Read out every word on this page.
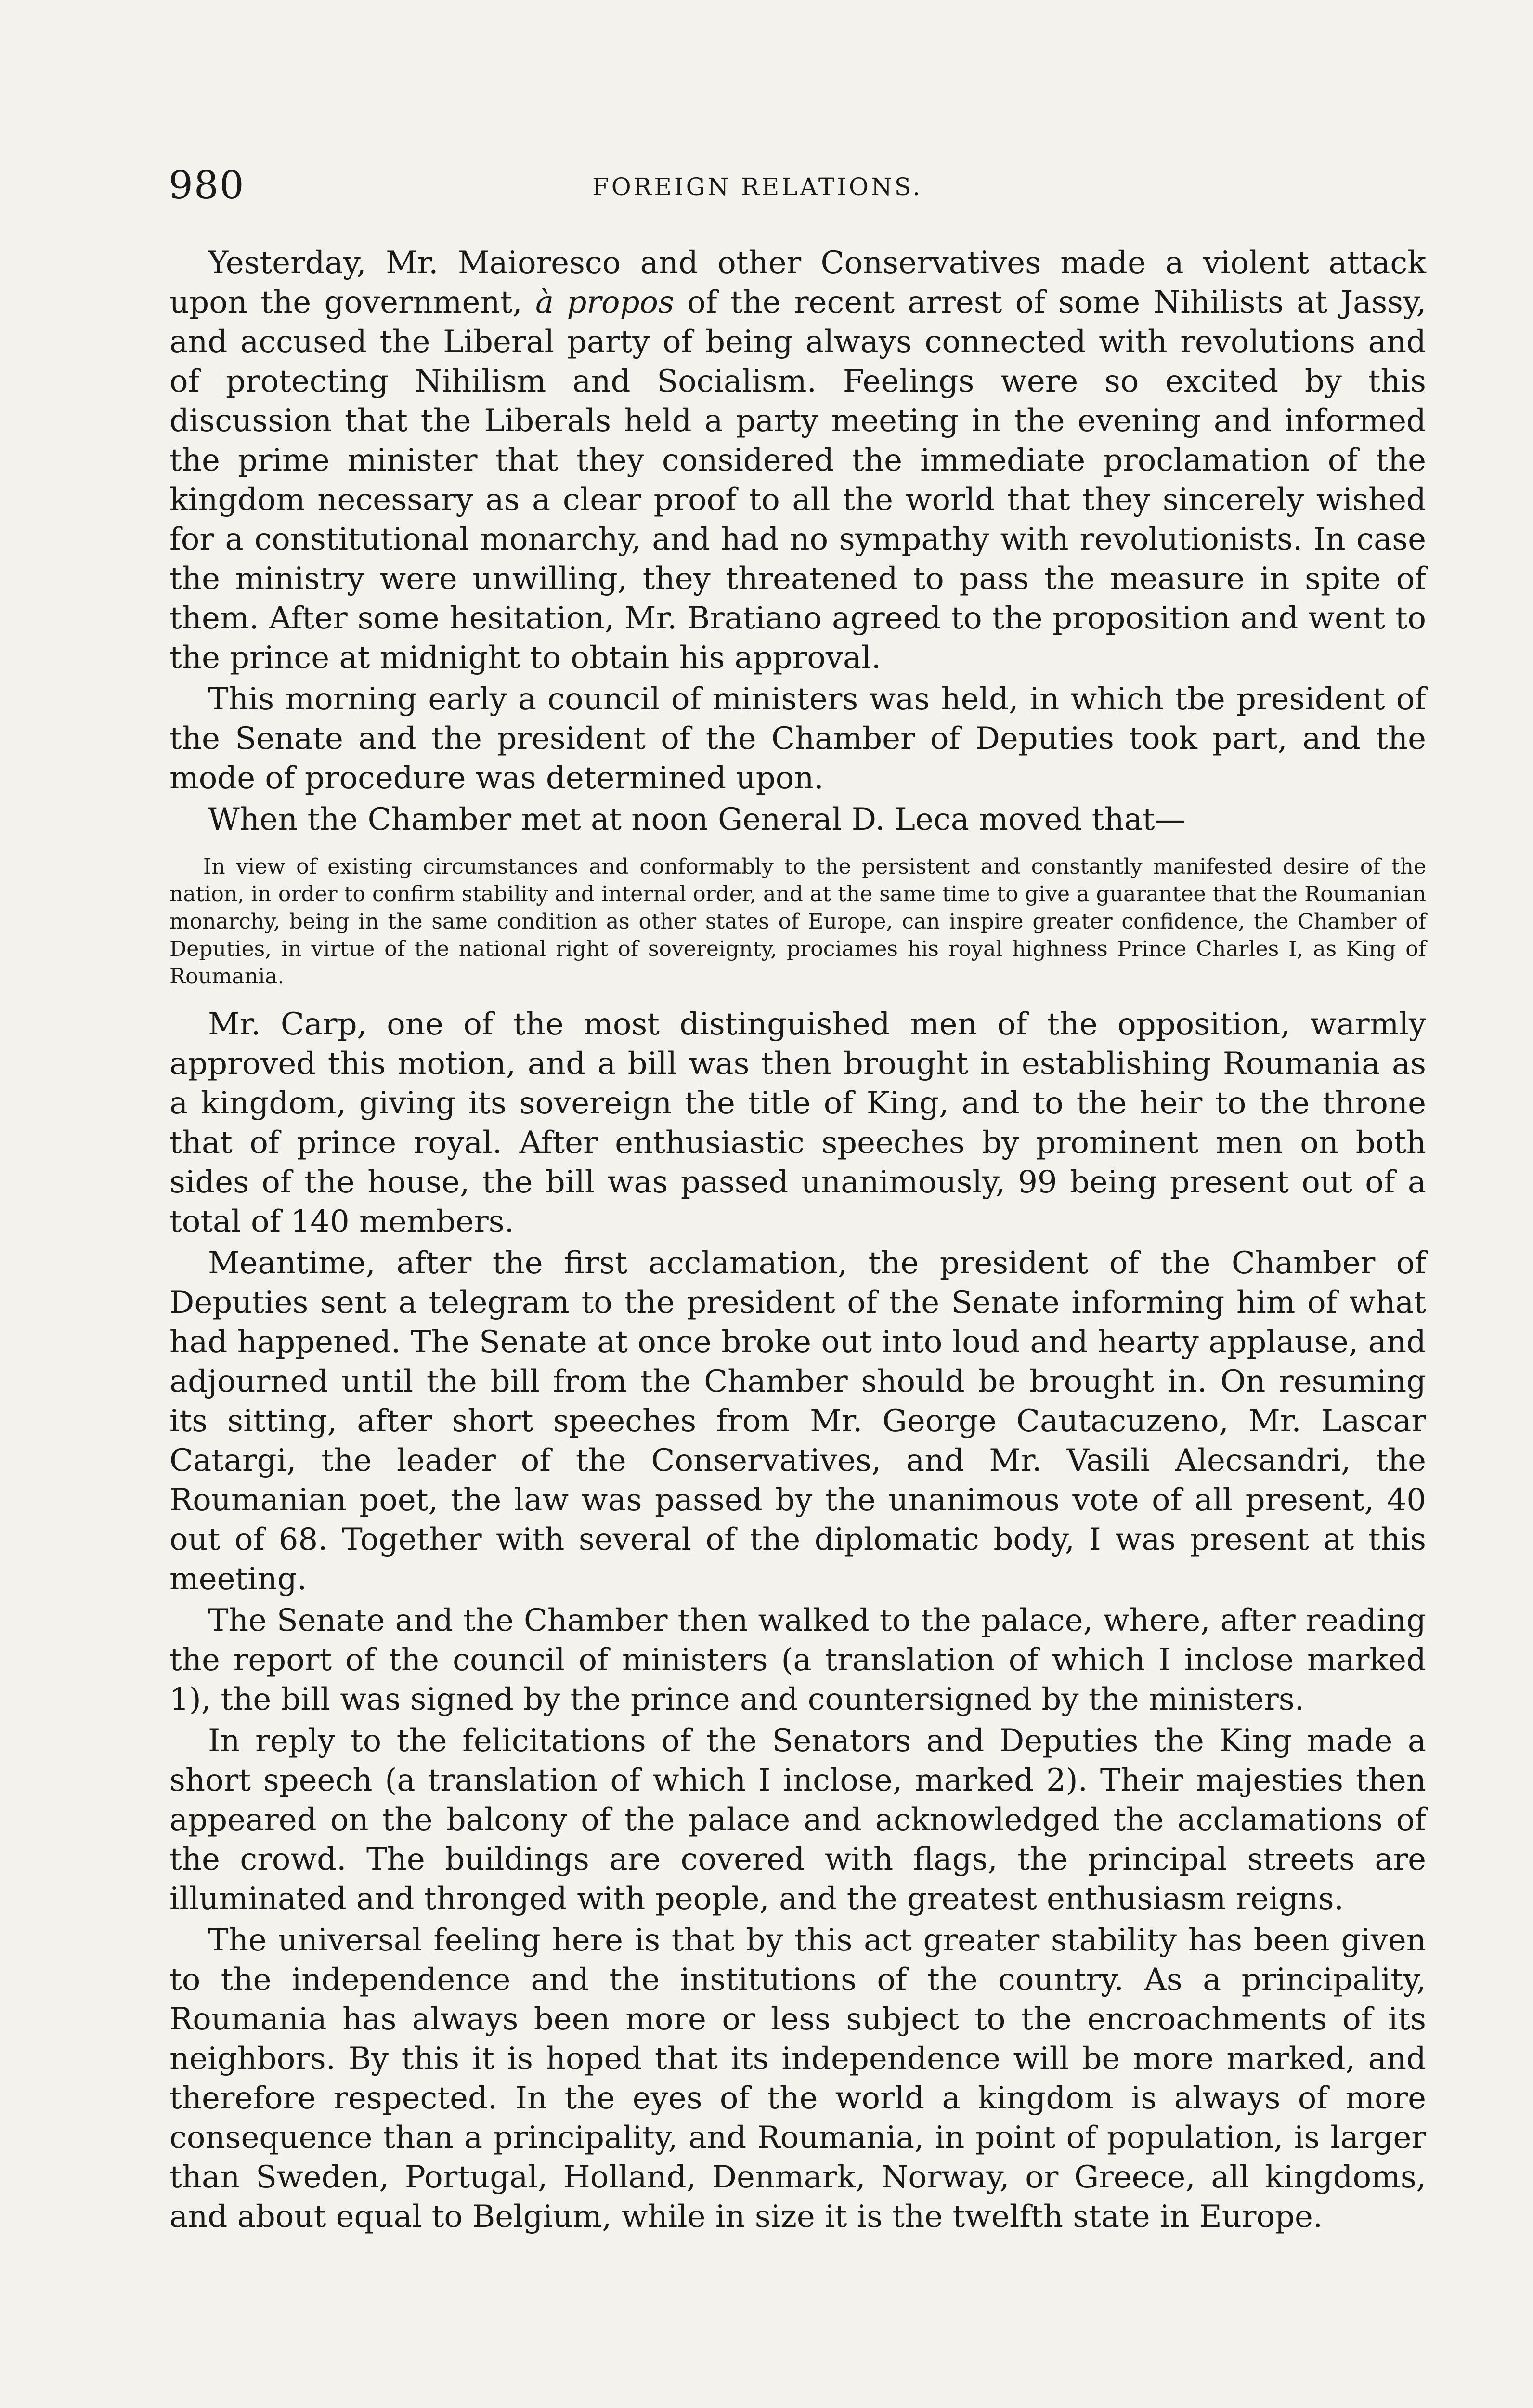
980	FOREIGN RELATIONS.

Yesterday, Mr. Maioresco and other Conservatives made a violent attack upon the government, à propos of the recent arrest of some Nihilists at Jassy, and accused the Liberal party of being always connected with revolutions and of protecting Nihilism and Socialism. Feelings were so excited by this discussion that the Liberals held a party meeting in the evening and informed the prime minister that they considered the immediate proclamation of the kingdom necessary as a clear proof to all the world that they sincerely wished for a constitutional monarchy, and had no sympathy with revolutionists. In case the ministry were unwilling, they threatened to pass the measure in spite of them. After some hesitation, Mr. Bratiano agreed to the proposition and went to the prince at midnight to obtain his approval.

This morning early a council of ministers was held, in which tbe president of the Senate and the president of the Chamber of Deputies took part, and the mode of procedure was determined upon.

When the Chamber met at noon General D. Leca moved that—

In view of existing circumstances and conformably to the persistent and constantly manifested desire of the nation, in order to confirm stability and internal order, and at the same time to give a guarantee that the Roumanian monarchy, being in the same condition as other states of Europe, can inspire greater confidence, the Chamber of Deputies, in virtue of the national right of sovereignty, prociames his royal highness Prince Charles I, as King of Roumania.

Mr. Carp, one of the most distinguished men of the opposition, warmly approved this motion, and a bill was then brought in establishing Roumania as a kingdom, giving its sovereign the title of King, and to the heir to the throne that of prince royal. After enthusiastic speeches by prominent men on both sides of the house, the bill was passed unanimously, 99 being present out of a total of 140 members.

Meantime, after the first acclamation, the president of the Chamber of Deputies sent a telegram to the president of the Senate informing him of what had happened. The Senate at once broke out into loud and hearty applause, and adjourned until the bill from the Chamber should be brought in. On resuming its sitting, after short speeches from Mr. George Cautacuzeno, Mr. Lascar Catargi, the leader of the Conservatives, and Mr. Vasili Alecsandri, the Roumanian poet, the law was passed by the unanimous vote of all present, 40 out of 68. Together with several of the diplomatic body, I was present at this meeting.

The Senate and the Chamber then walked to the palace, where, after reading the report of the council of ministers (a translation of which I inclose marked 1), the bill was signed by the prince and countersigned by the ministers.

In reply to the felicitations of the Senators and Deputies the King made a short speech (a translation of which I inclose, marked 2). Their majesties then appeared on the balcony of the palace and acknowledged the acclamations of the crowd. The buildings are covered with flags, the principal streets are illuminated and thronged with people, and the greatest enthusiasm reigns.

The universal feeling here is that by this act greater stability has been given to the independence and the institutions of the country. As a principality, Roumania has always been more or less subject to the encroachments of its neighbors. By this it is hoped that its independence will be more marked, and therefore respected. In the eyes of the world a kingdom is always of more consequence than a principality, and Roumania, in point of population, is larger than Sweden, Portugal, Holland, Denmark, Norway, or Greece, all kingdoms, and about equal to Belgium, while in size it is the twelfth state in Europe.
